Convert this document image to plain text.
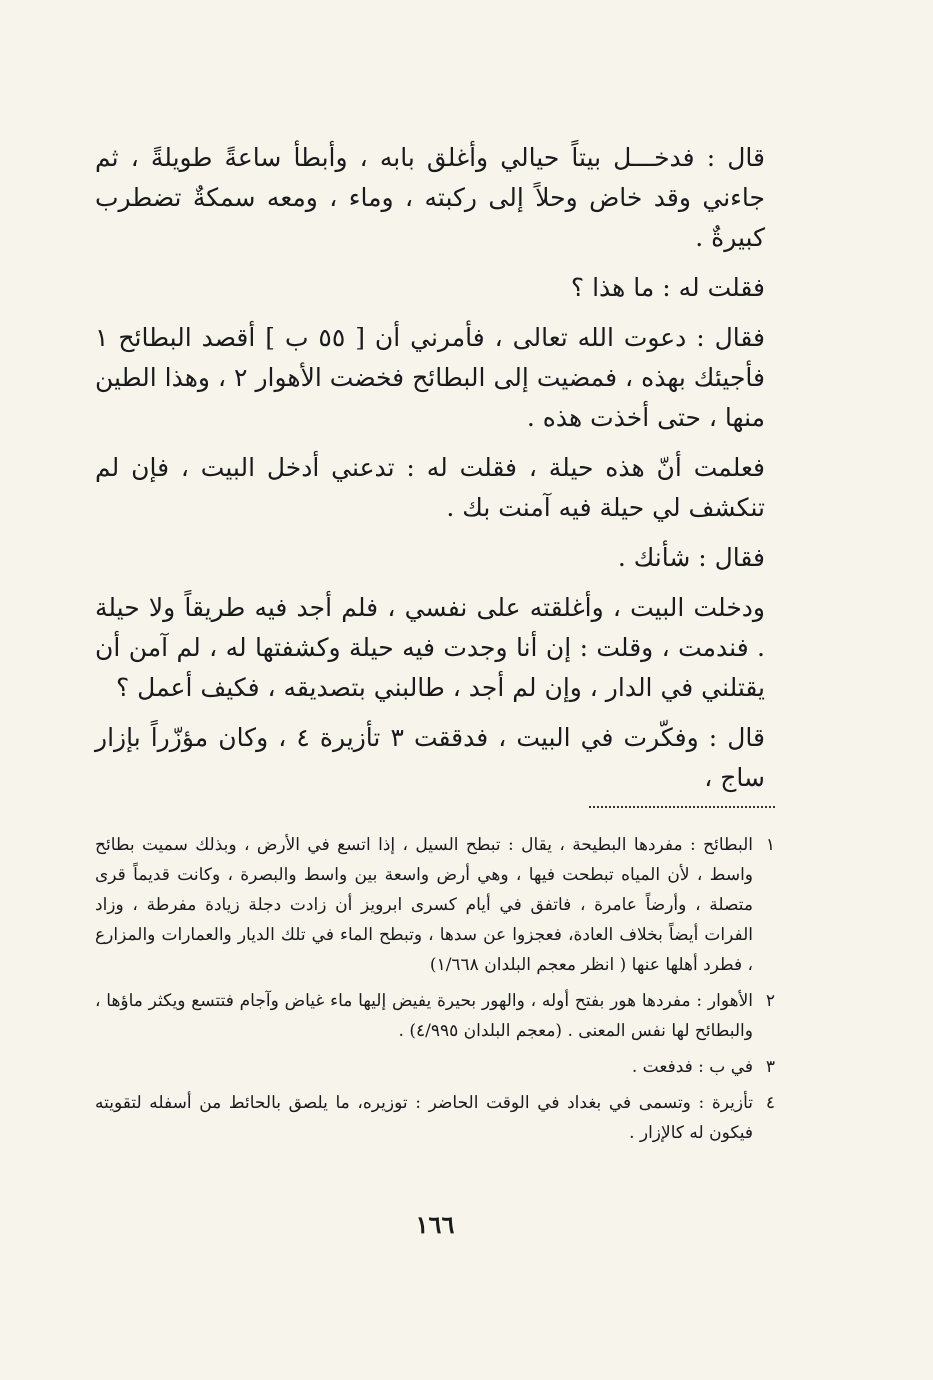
قال : فدخـــل بيتاً حيالي وأغلق بابه ، وأبطأ ساعةً طويلةً ، ثم جاءني وقد خاض وحلاً إلى ركبته ، وماء ، ومعه سمكةٌ تضطرب كبيرةٌ .

فقلت له : ما هذا ؟

فقال : دعوت الله تعالى ، فأمرني أن [ ٥٥ ب ] أقصد البطائح ١ فأجيئك بهذه ، فمضيت إلى البطائح فخضت الأهوار ٢ ، وهذا الطين منها ، حتى أخذت هذه .

فعلمت أنّ هذه حيلة ، فقلت له : تدعني أدخل البيت ، فإن لم تنكشف لي حيلة فيه آمنت بك .

فقال : شأنك .

ودخلت البيت ، وأغلقته على نفسي ، فلم أجد فيه طريقاً ولا حيلة . فندمت ، وقلت : إن أنا وجدت فيه حيلة وكشفتها له ، لم آمن أن يقتلني في الدار ، وإن لم أجد ، طالبني بتصديقه ، فكيف أعمل ؟

قال : وفكّرت في البيت ، فدققت ٣ تأزيرة ٤ ، وكان مؤزّراً بإزار ساج ،

١
البطائح : مفردها البطيحة ، يقال : تبطح السيل ، إذا اتسع في الأرض ، وبذلك سميت بطائح واسط ، لأن المياه تبطحت فيها ، وهي أرض واسعة بين واسط والبصرة ، وكانت قديماً قرى متصلة ، وأرضاً عامرة ، فاتفق في أيام كسرى ابرويز أن زادت دجلة زيادة مفرطة ، وزاد الفرات أيضاً بخلاف العادة، فعجزوا عن سدها ، وتبطح الماء في تلك الديار والعمارات والمزارع ، فطرد أهلها عنها ( انظر معجم البلدان ١/٦٦٨)
٢
الأهوار : مفردها هور بفتح أوله ، والهور بحيرة يفيض إليها ماء غياض وآجام فتتسع ويكثر ماؤها ، والبطائح لها نفس المعنى . (معجم البلدان ٤/٩٩٥) .
٣
في ب : فدفعت .
٤
تأزيرة : وتسمى في بغداد في الوقت الحاضر : توزيره، ما يلصق بالحائط من أسفله لتقويته فيكون له كالإزار .
١٦٦
